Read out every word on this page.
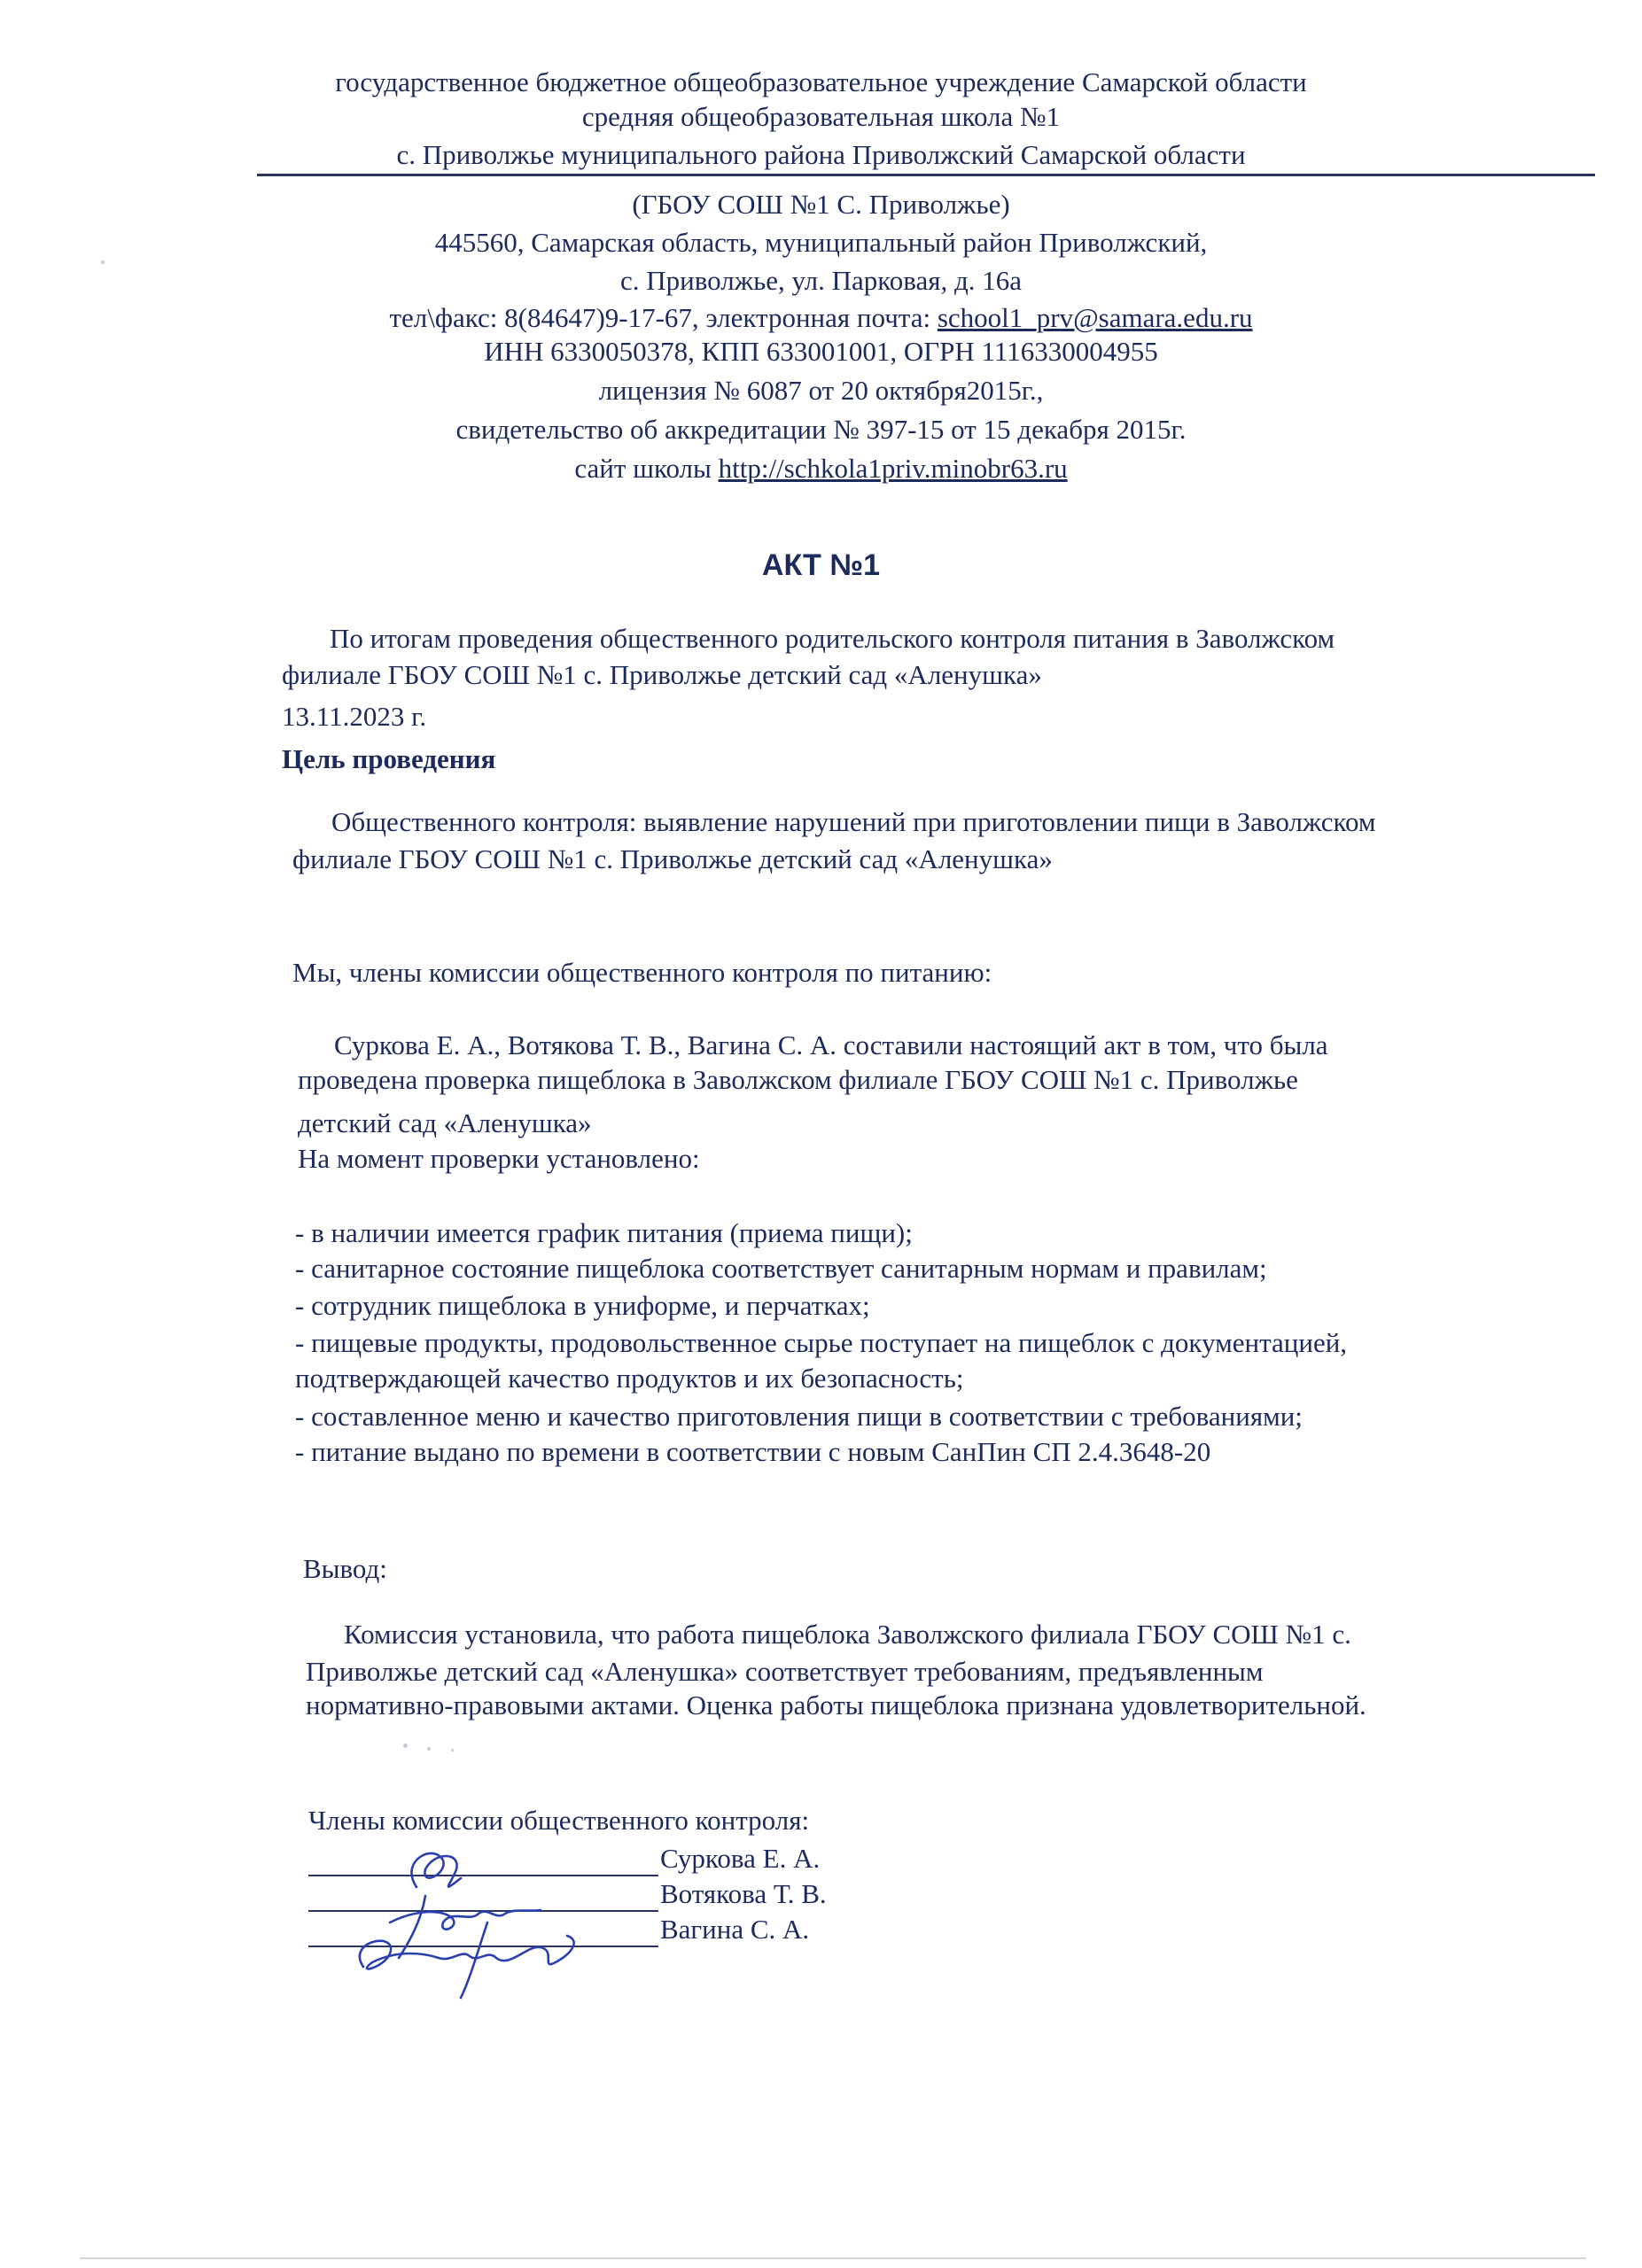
государственное бюджетное общеобразовательное учреждение Самарской области
средняя общеобразовательная школа №1
с. Приволжье муниципального района Приволжский Самарской области
(ГБОУ СОШ №1 С. Приволжье)
445560, Самарская область, муниципальный район Приволжский,
с. Приволжье, ул. Парковая, д. 16а
тел\факс: 8(84647)9-17-67, электронная почта: school1_prv@samara.edu.ru
ИНН 6330050378, КПП 633001001, ОГРН 1116330004955
лицензия № 6087 от 20 октября2015г.,
свидетельство об аккредитации № 397-15 от 15 декабря 2015г.
сайт школы http://schkola1priv.minobr63.ru
АКТ №1
По итогам проведения общественного родительского контроля питания в Заволжском
филиале ГБОУ СОШ №1 с. Приволжье детский сад «Аленушка»
13.11.2023 г.
Цель проведения
Общественного контроля: выявление нарушений при приготовлении пищи в Заволжском
филиале ГБОУ СОШ №1 с. Приволжье детский сад «Аленушка»
Мы, члены комиссии общественного контроля по питанию:
Суркова Е. А., Вотякова Т. В., Вагина С. А. составили настоящий акт в том, что была
проведена проверка пищеблока в Заволжском филиале ГБОУ СОШ №1 с. Приволжье
детский сад «Аленушка»
На момент проверки установлено:
- в наличии имеется график питания (приема пищи);
- санитарное состояние пищеблока соответствует санитарным нормам и правилам;
- сотрудник пищеблока в униформе, и перчатках;
- пищевые продукты, продовольственное сырье поступает на пищеблок с документацией,
подтверждающей качество продуктов и их безопасность;
- составленное меню и качество приготовления пищи в соответствии с требованиями;
- питание выдано по времени в соответствии с новым СанПин СП 2.4.3648-20
Вывод:
Комиссия установила, что работа пищеблока Заволжского филиала ГБОУ СОШ №1 с.
Приволжье детский сад «Аленушка» соответствует требованиям, предъявленным
нормативно-правовыми актами. Оценка работы пищеблока признана удовлетворительной.
Члены комиссии общественного контроля:
Суркова Е. А.
Вотякова Т. В.
Вагина С. А.
